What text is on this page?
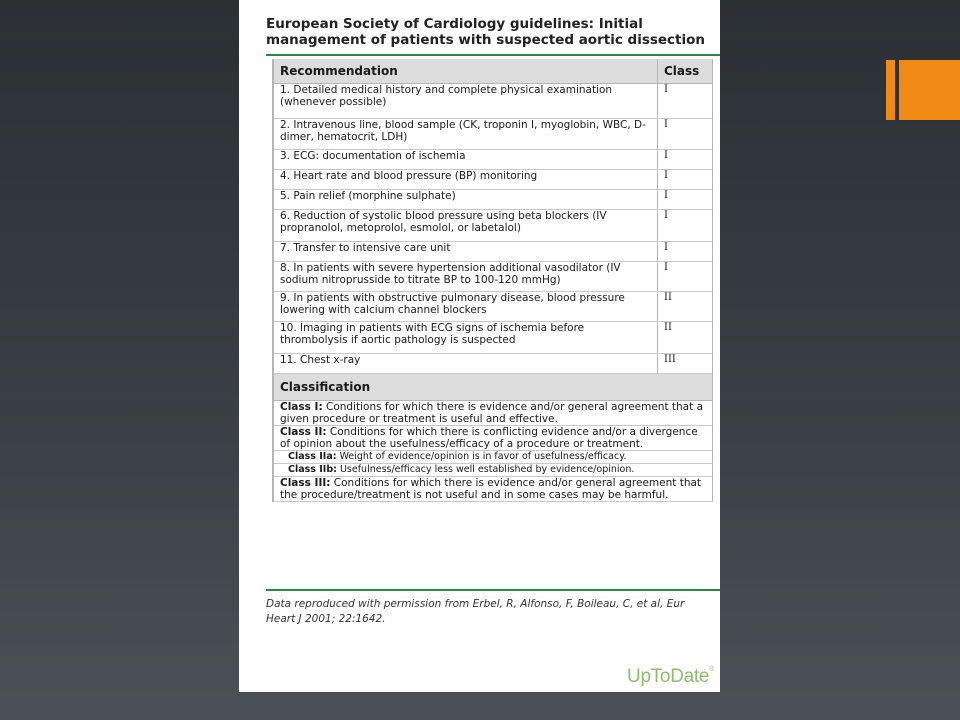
European Society of Cardiology guidelines: Initial management of patients with suspected aortic dissection
Recommendation	Class
1. Detailed medical history and complete physical examination (whenever possible)	I
2. Intravenous line, blood sample (CK, troponin I, myoglobin, WBC, D-dimer, hematocrit, LDH)	I
3. ECG: documentation of ischemia	I
4. Heart rate and blood pressure (BP) monitoring	I
5. Pain relief (morphine sulphate)	I
6. Reduction of systolic blood pressure using beta blockers (IV propranolol, metoprolol, esmolol, or labetalol)	I
7. Transfer to intensive care unit	I
8. In patients with severe hypertension additional vasodilator (IV sodium nitroprusside to titrate BP to 100-120 mmHg)	I
9. In patients with obstructive pulmonary disease, blood pressure lowering with calcium channel blockers	II
10. Imaging in patients with ECG signs of ischemia before thrombolysis if aortic pathology is suspected	II
11. Chest x-ray	III
Classification	
Class I: Conditions for which there is evidence and/or general agreement that a given procedure or treatment is useful and effective.	
Class II: Conditions for which there is conflicting evidence and/or a divergence of opinion about the usefulness/efficacy of a procedure or treatment.	
Class IIa: Weight of evidence/opinion is in favor of usefulness/efficacy.	
Class IIb: Usefulness/efficacy less well established by evidence/opinion.	
Class III: Conditions for which there is evidence and/or general agreement that the procedure/treatment is not useful and in some cases may be harmful.	
Data reproduced with permission from Erbel, R, Alfonso, F, Boileau, C, et al, Eur Heart J 2001; 22:1642.
UpToDate®
